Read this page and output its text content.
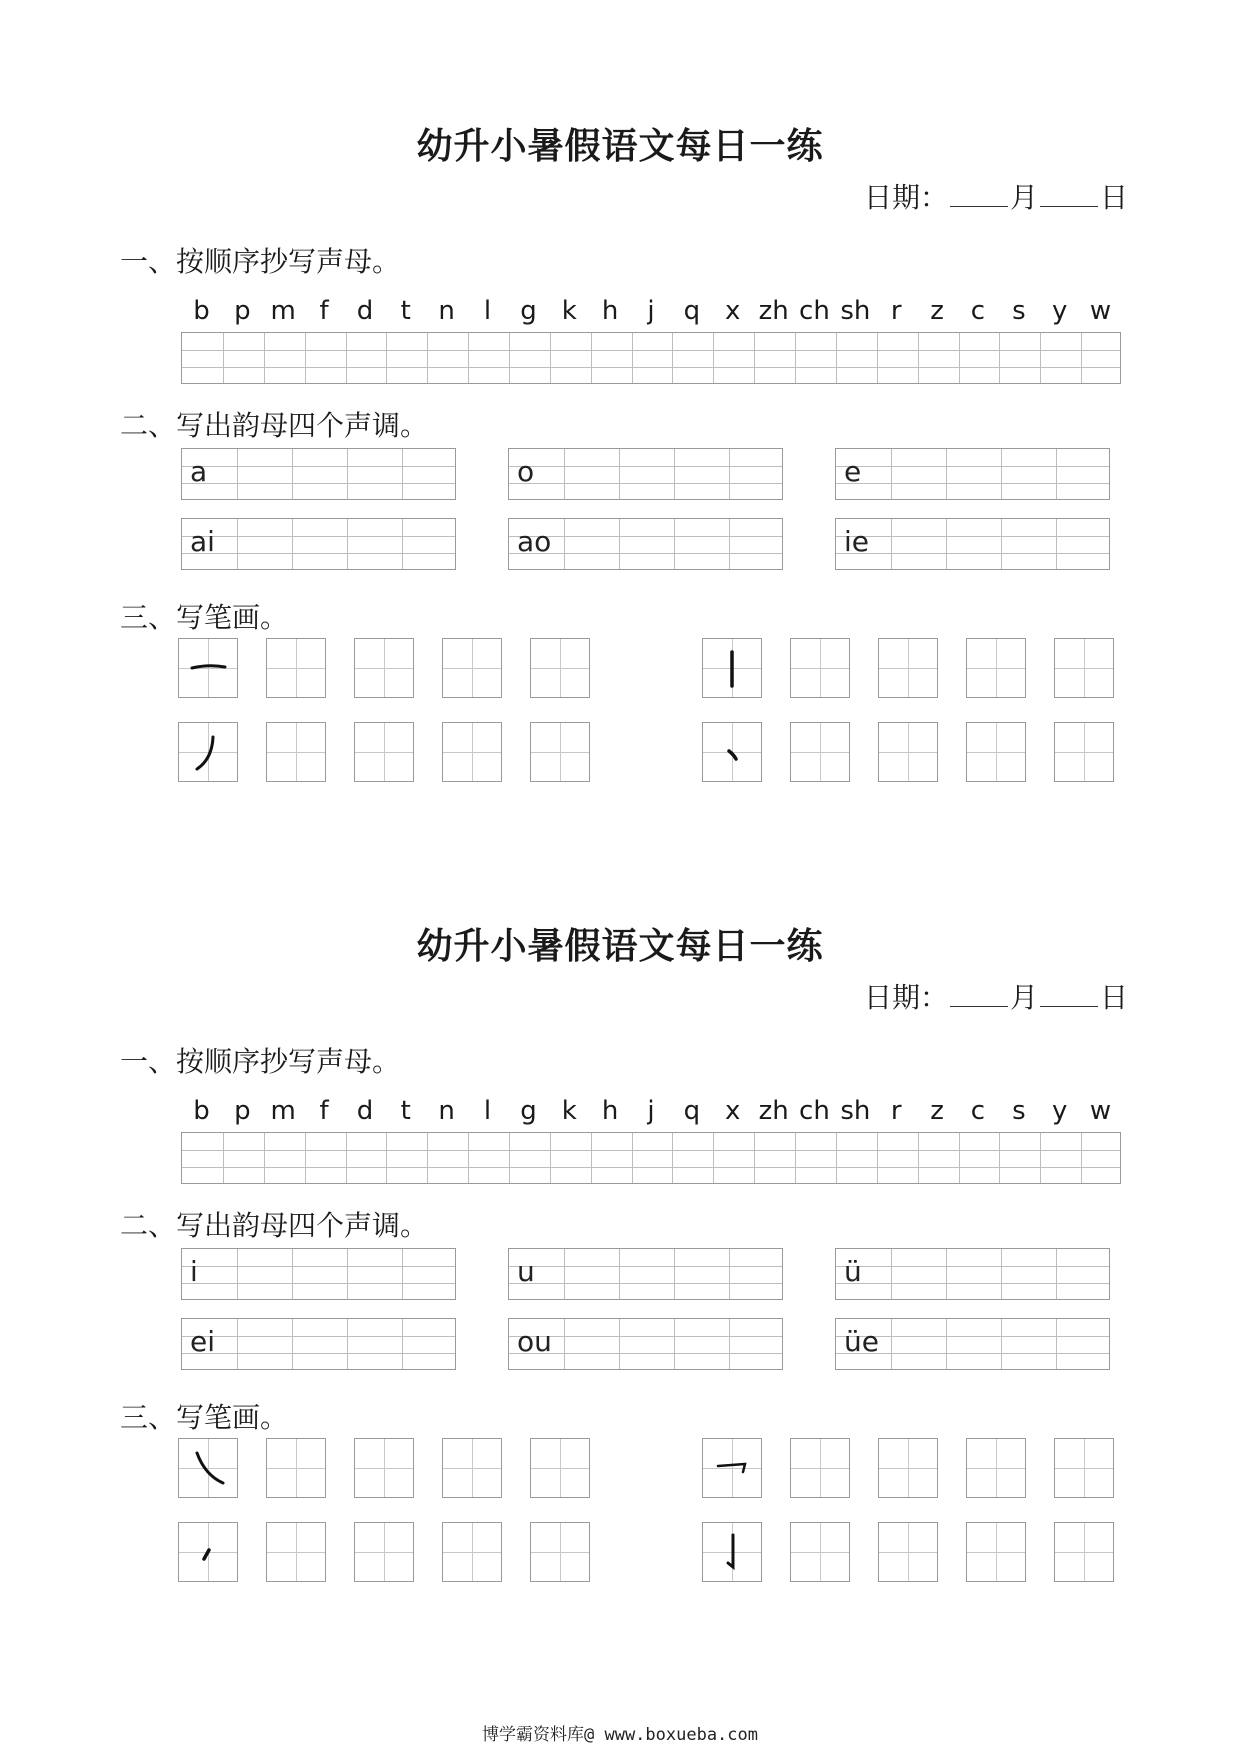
幼升小暑假语文每日一练
日期： 月 日
一、按顺序抄写声母。
b p m f	d	t	n	l	g k h	j	q x zh ch sh r	z	c	s	y w
二、写出韵母四个声调。
a	o	e
ai	ao	ie
三、写笔画。
幼升小暑假语文每日一练
日期： 月 日
一、按顺序抄写声母。
b p m f	d	t	n	l	g k h	j	q x zh ch sh r	z	c	s	y w
二、写出韵母四个声调。
i	u	ü
ei	ou	üe
三、写笔画。
博学霸资料库@ www.boxueba.com
